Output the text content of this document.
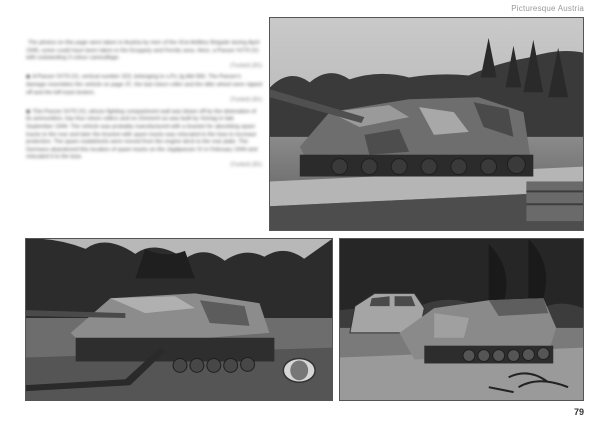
Picturesque Austria

The photos on this page were taken in Austria by men of the 41st Artillery Brigade during April 1945, some could have been taken in the Enzgarty and Fernitz area. Here, a Panzer IV/70 (V) with outstanding 3 colour camouflage.
(Tunkel) (81)

◆ A Panzer IV/70 (V), vertical number 323, belonging to s.Pz.Jg.Abt 560. The Panzer's damage resembles the vehicle on page 37, the last return roller and the idler wheel were ripped off and the left track broken.
(Tunkel) (81)

◆ This Panzer IV/70 (V), whose fighting compartment wall was blown off by the detonation of its ammunition, has four return rollers and no Zimmerit as was built by Vomag in late September 1944. The vehicle was probably manufactured with a bracket for absorbing spare tracks to the rear and later the bracket with spare tracks was relocated to the bow to increase protection. The spare roadwheels were moved from the engine deck to the rear plate. The Germans abandoned this location of spare tracks on the Jagdpanzer IV in February 1944 and relocated it to the bow.
(Tunkel) (81)

79
